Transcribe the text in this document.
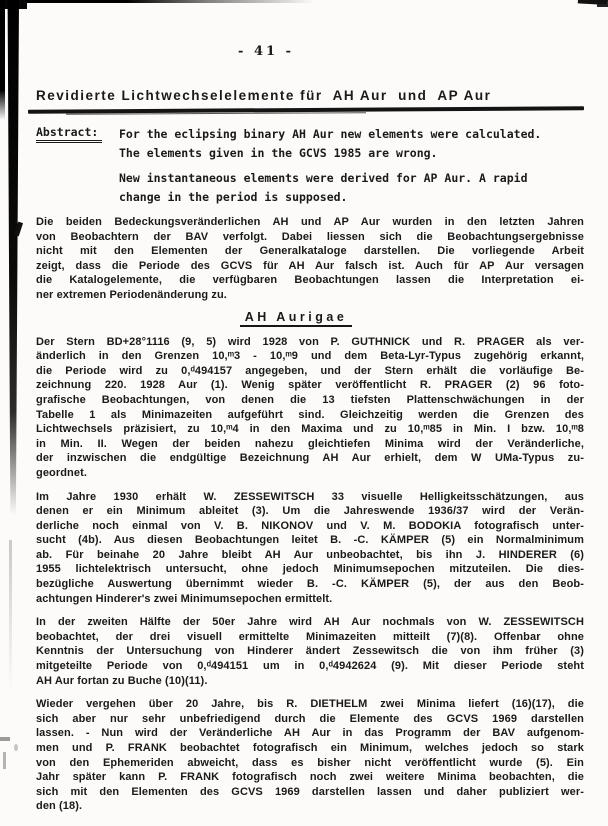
- 41 -
Revidierte Lichtwechselelemente für  AH Aur  und  AP Aur
Abstract:	For the eclipsing binary AH Aur new elements were calculated.
The elements given in the GCVS 1985 are wrong.
New instantaneous elements were derived for AP Aur. A rapid
change in the period is supposed.
Die beiden Bedeckungsveränderlichen AH und AP Aur wurden in den letzten Jahren
von Beobachtern der BAV verfolgt. Dabei liessen sich die Beobachtungsergebnisse
nicht mit den Elementen der Generalkataloge darstellen. Die vorliegende Arbeit
zeigt, dass die Periode des GCVS für AH Aur falsch ist. Auch für AP Aur versagen
die Katalogelemente, die verfügbaren Beobachtungen lassen die Interpretation ei-
ner extremen Periodenänderung zu.
AH Aurigae
Der Stern BD+28°1116 (9, 5) wird 1928 von P. GUTHNICK und R. PRAGER als ver-
änderlich in den Grenzen 10,ᵐ3 - 10,ᵐ9 und dem Beta-Lyr-Typus zugehörig erkannt,
die Periode wird zu 0,ᵈ494157 angegeben, und der Stern erhält die vorläufige Be-
zeichnung 220. 1928 Aur (1). Wenig später veröffentlicht R. PRAGER (2) 96 foto-
grafische Beobachtungen, von denen die 13 tiefsten Plattenschwächungen in der
Tabelle 1 als Minimazeiten aufgeführt sind. Gleichzeitig werden die Grenzen des
Lichtwechsels präzisiert, zu 10,ᵐ4 in den Maxima und zu 10,ᵐ85 in Min. I bzw. 10,ᵐ8
in Min. II. Wegen der beiden nahezu gleichtiefen Minima wird der Veränderliche,
der inzwischen die endgültige Bezeichnung AH Aur erhielt, dem W UMa-Typus zu-
geordnet.
Im Jahre 1930 erhält W. ZESSEWITSCH 33 visuelle Helligkeitsschätzungen, aus
denen er ein Minimum ableitet (3). Um die Jahreswende 1936/37 wird der Verän-
derliche noch einmal von V. B. NIKONOV und V. M. BODOKIA fotografisch unter-
sucht (4b). Aus diesen Beobachtungen leitet B. -C. KÄMPER (5) ein Normalminimum
ab. Für beinahe 20 Jahre bleibt AH Aur unbeobachtet, bis ihn J. HINDERER (6)
1955 lichtelektrisch untersucht, ohne jedoch Minimumsepochen mitzuteilen. Die dies-
bezügliche Auswertung übernimmt wieder B. -C. KÄMPER (5), der aus den Beob-
achtungen Hinderer's zwei Minimumsepochen ermittelt.
In der zweiten Hälfte der 50er Jahre wird AH Aur nochmals von W. ZESSEWITSCH
beobachtet, der drei visuell ermittelte Minimazeiten mitteilt (7)(8). Offenbar ohne
Kenntnis der Untersuchung von Hinderer ändert Zessewitsch die von ihm früher (3)
mitgeteilte Periode von 0,ᵈ494151 um in 0,ᵈ4942624 (9). Mit dieser Periode steht
AH Aur fortan zu Buche (10)(11).
Wieder vergehen über 20 Jahre, bis R. DIETHELM zwei Minima liefert (16)(17), die
sich aber nur sehr unbefriedigend durch die Elemente des GCVS 1969 darstellen
lassen. - Nun wird der Veränderliche AH Aur in das Programm der BAV aufgenom-
men und P. FRANK beobachtet fotografisch ein Minimum, welches jedoch so stark
von den Ephemeriden abweicht, dass es bisher nicht veröffentlicht wurde (5). Ein
Jahr später kann P. FRANK fotografisch noch zwei weitere Minima beobachten, die
sich mit den Elementen des GCVS 1969 darstellen lassen und daher publiziert wer-
den (18).
